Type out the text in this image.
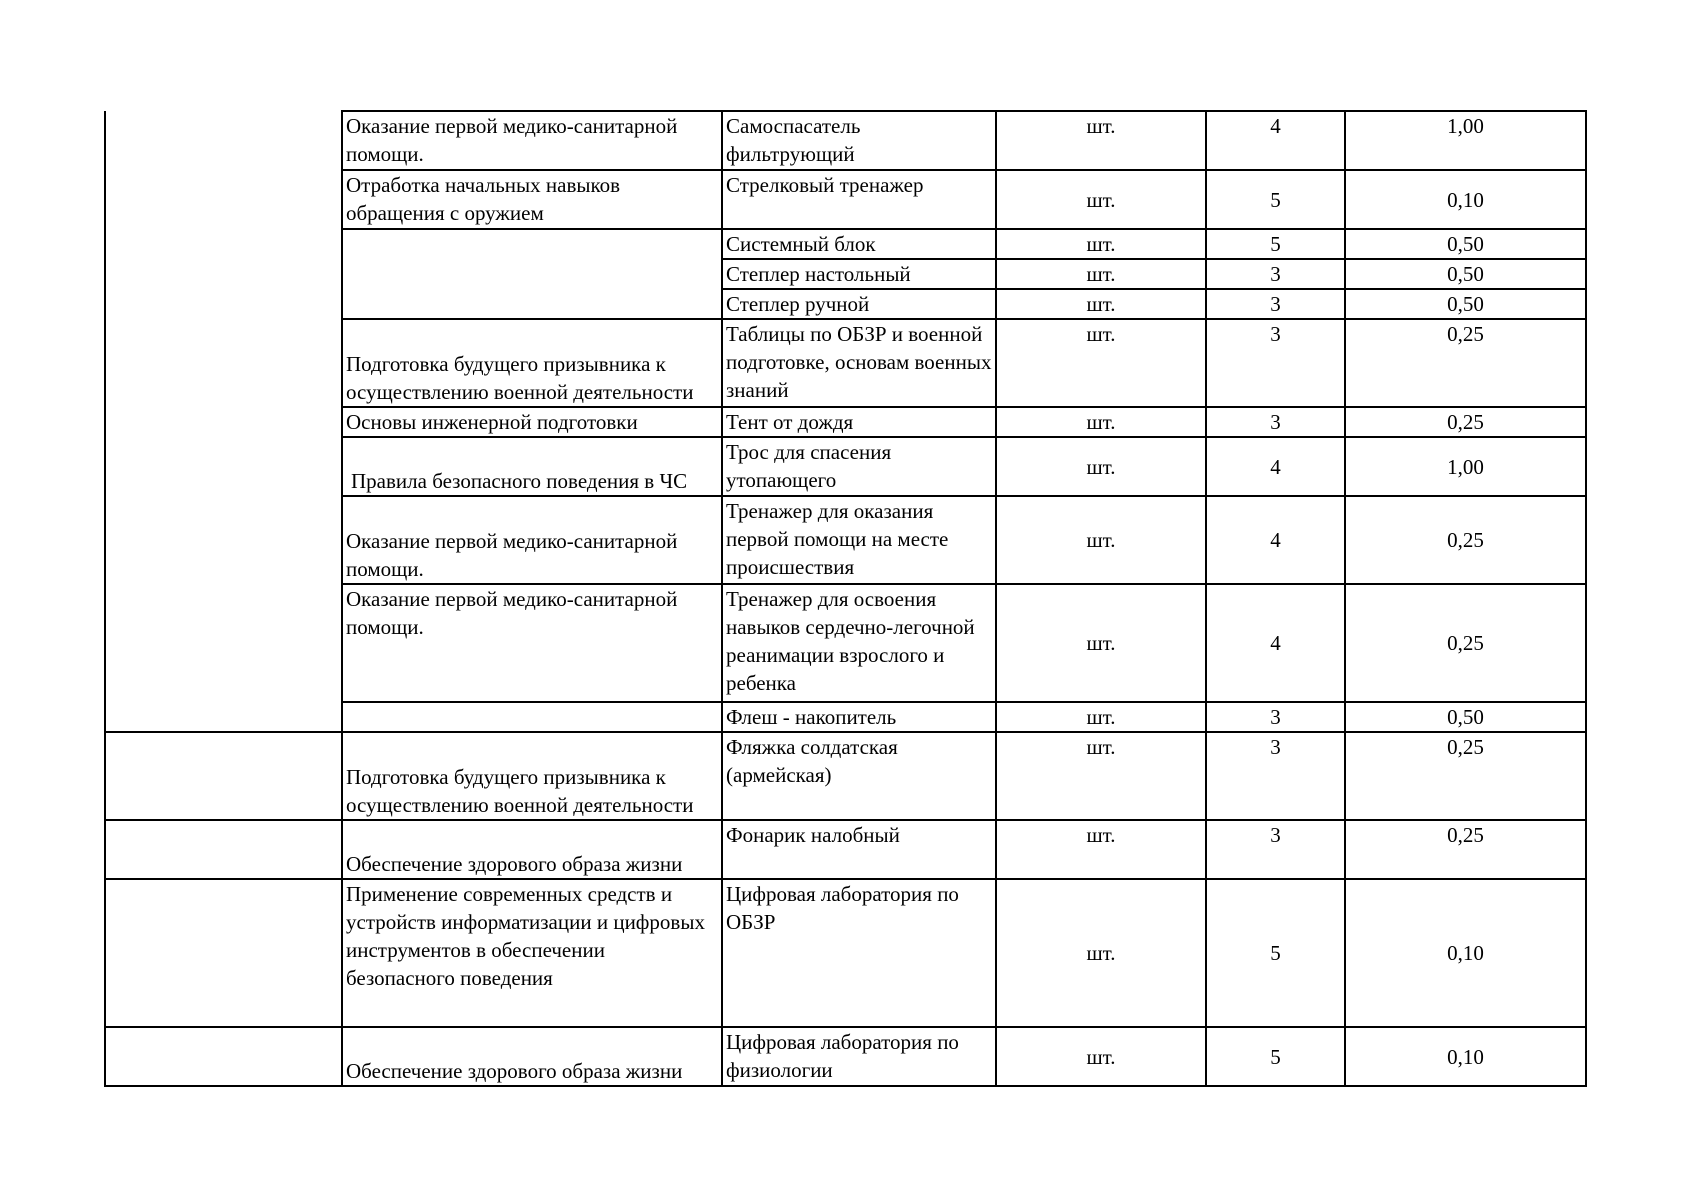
	Оказание первой медико-санитарной помощи.	Самоспасатель фильтрующий	шт.	4	1,00
	Отработка начальных навыков обращения с оружием	Стрелковый тренажер	шт.	5	0,10
		Системный блок	шт.	5	0,50
		Степлер настольный	шт.	3	0,50
		Степлер ручной	шт.	3	0,50
	Подготовка будущего призывника к осуществлению военной деятельности	Таблицы по ОБЗР и военной подготовке, основам военных знаний	шт.	3	0,25
	Основы инженерной подготовки	Тент от дождя	шт.	3	0,25
	Правила безопасного поведения в ЧС	Трос для спасения утопающего	шт.	4	1,00
	Оказание первой медико-санитарной помощи.	Тренажер для оказания первой помощи на месте происшествия	шт.	4	0,25
	Оказание первой медико-санитарной помощи.	Тренажер для освоения навыков сердечно-легочной реанимации взрослого и ребенка	шт.	4	0,25
		Флеш - накопитель	шт.	3	0,50
	Подготовка будущего призывника к осуществлению военной деятельности	Фляжка солдатская (армейская)	шт.	3	0,25
	Обеспечение здорового образа жизни	Фонарик налобный	шт.	3	0,25
	Применение современных средств и устройств информатизации и цифровых инструментов в обеспечении безопасного поведения	Цифровая лаборатория по ОБЗР	шт.	5	0,10
	Обеспечение здорового образа жизни	Цифровая лаборатория по физиологии	шт.	5	0,10
